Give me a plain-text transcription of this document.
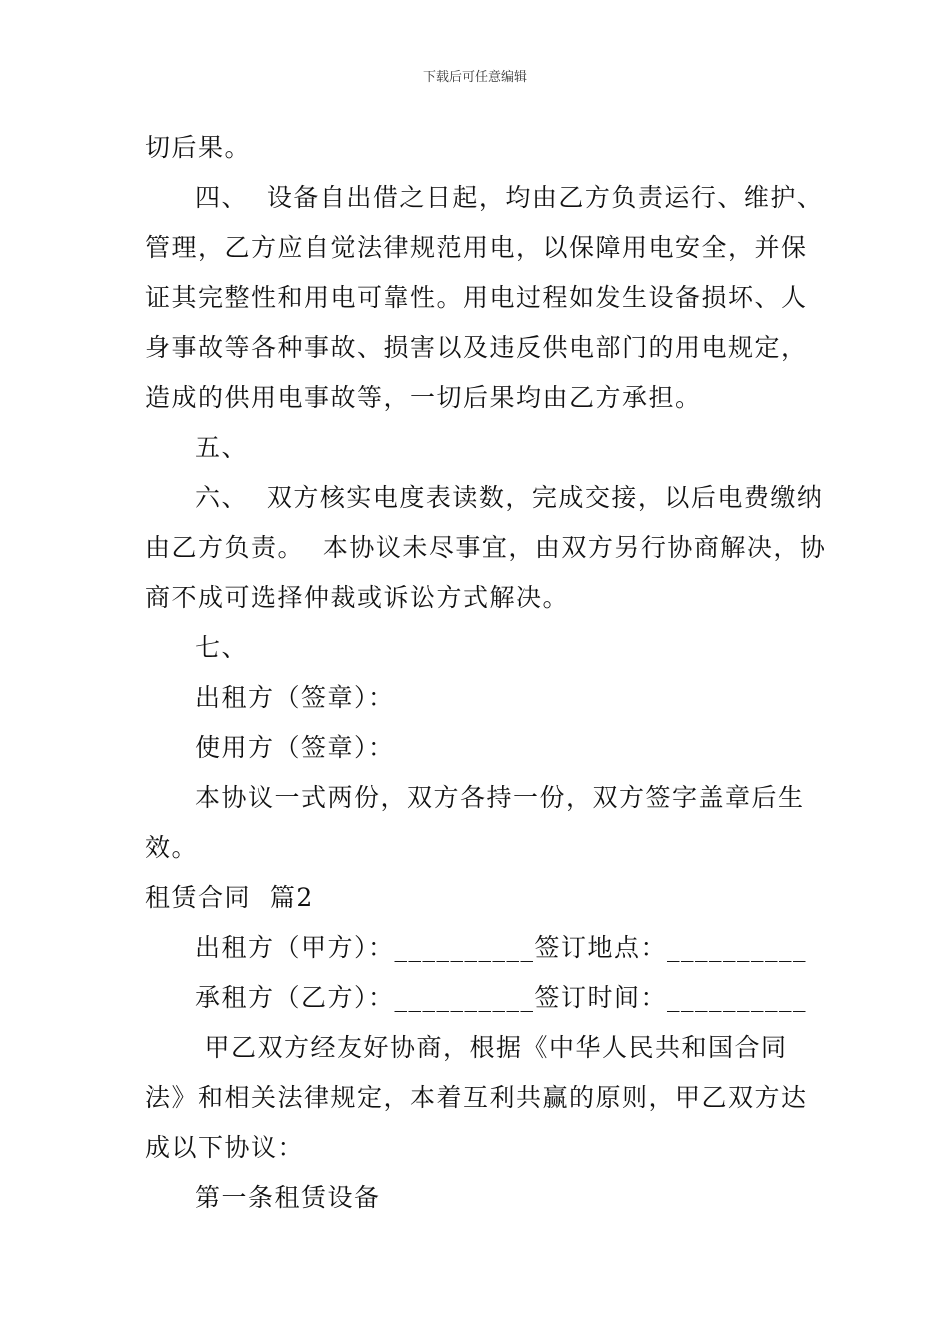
下载后可任意编辑
切后果。
四、  设备自出借之日起，均由乙方负责运行、维护、
管理，乙方应自觉法律规范用电，以保障用电安全，并保
证其完整性和用电可靠性。用电过程如发生设备损坏、人
身事故等各种事故、损害以及违反供电部门的用电规定，
造成的供用电事故等，一切后果均由乙方承担。
五、
六、  双方核实电度表读数，完成交接，以后电费缴纳
由乙方负责。  本协议未尽事宜，由双方另行协商解决，协
商不成可选择仲裁或诉讼方式解决。
七、
出租方（签章）：
使用方（签章）：
本协议一式两份，双方各持一份，双方签字盖章后生
效。
租赁合同  篇2
出租方（甲方）：__________签订地点：__________
承租方（乙方）：__________签订时间：__________
甲乙双方经友好协商，根据《中华人民共和国合同
法》和相关法律规定，本着互利共赢的原则，甲乙双方达
成以下协议：
第一条租赁设备
